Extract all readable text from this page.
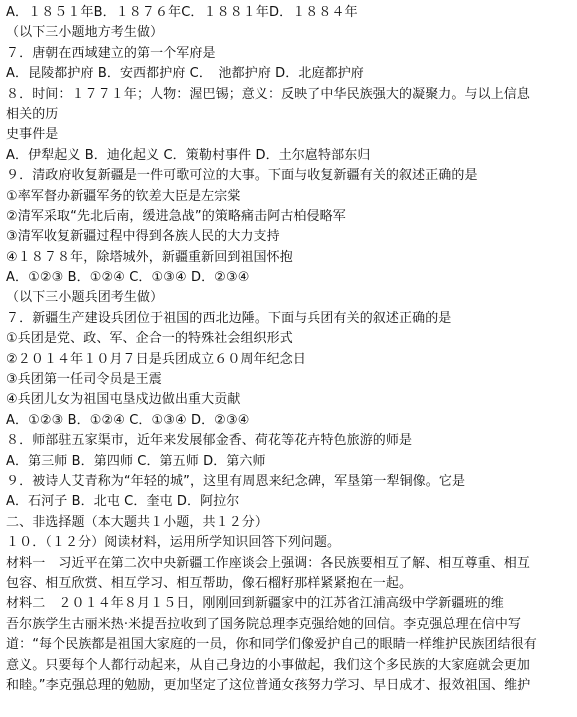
A．１８５１年B．１８７６年C．１８８１年D．１８８４年
（以下三小题地方考生做）
７．唐朝在西域建立的第一个军府是
A．昆陵都护府 B．安西都护府 C．　池都护府 D．北庭都护府
８．时间：１７７１年；人物：渥巴锡；意义：反映了中华民族强大的凝聚力。与以上信息
相关的历
史事件是
A．伊犁起义 B．迪化起义 C．策勒村事件 D．土尔扈特部东归
９．清政府收复新疆是一件可歌可泣的大事。下面与收复新疆有关的叙述正确的是
①率军督办新疆军务的钦差大臣是左宗棠
②清军采取“先北后南，缓进急战”的策略痛击阿古柏侵略军
③清军收复新疆过程中得到各族人民的大力支持
④１８７８年，除塔城外，新疆重新回到祖国怀抱
A．①②③ B．①②④ C．①③④ D．②③④
（以下三小题兵团考生做）
７．新疆生产建设兵团位于祖国的西北边陲。下面与兵团有关的叙述正确的是
①兵团是党、政、军、企合一的特殊社会组织形式
②２０１４年１０月７日是兵团成立６０周年纪念日
③兵团第一任司令员是王震
④兵团儿女为祖国屯垦戍边做出重大贡献
A．①②③ B．①②④ C．①③④ D．②③④
８．师部驻五家渠市，近年来发展郁金香、荷花等花卉特色旅游的师是
A．第三师 B．第四师 C．第五师 D．第六师
９．被诗人艾青称为“年轻的城”，这里有周恩来纪念碑，军垦第一犁铜像。它是
A．石河子 B．北屯 C．奎屯 D．阿拉尔
二、非选择题（本大题共１小题，共１２分）
１０．（１２分）阅读材料，运用所学知识回答下列问题。
材料一　习近平在第二次中央新疆工作座谈会上强调：各民族要相互了解、相互尊重、相互
包容、相互欣赏、相互学习、相互帮助，像石榴籽那样紧紧抱在一起。
材料二　２０１４年８月１５日，刚刚回到新疆家中的江苏省江浦高级中学新疆班的维
吾尔族学生古丽米热·米提吾拉收到了国务院总理李克强给她的回信。李克强总理在信中写
道：“每个民族都是祖国大家庭的一员，你和同学们像爱护自己的眼睛一样维护民族团结很有
意义。只要每个人都行动起来，从自己身边的小事做起，我们这个多民族的大家庭就会更加
和睦。”李克强总理的勉励，更加坚定了这位普通女孩努力学习、早日成才、报效祖国、维护
